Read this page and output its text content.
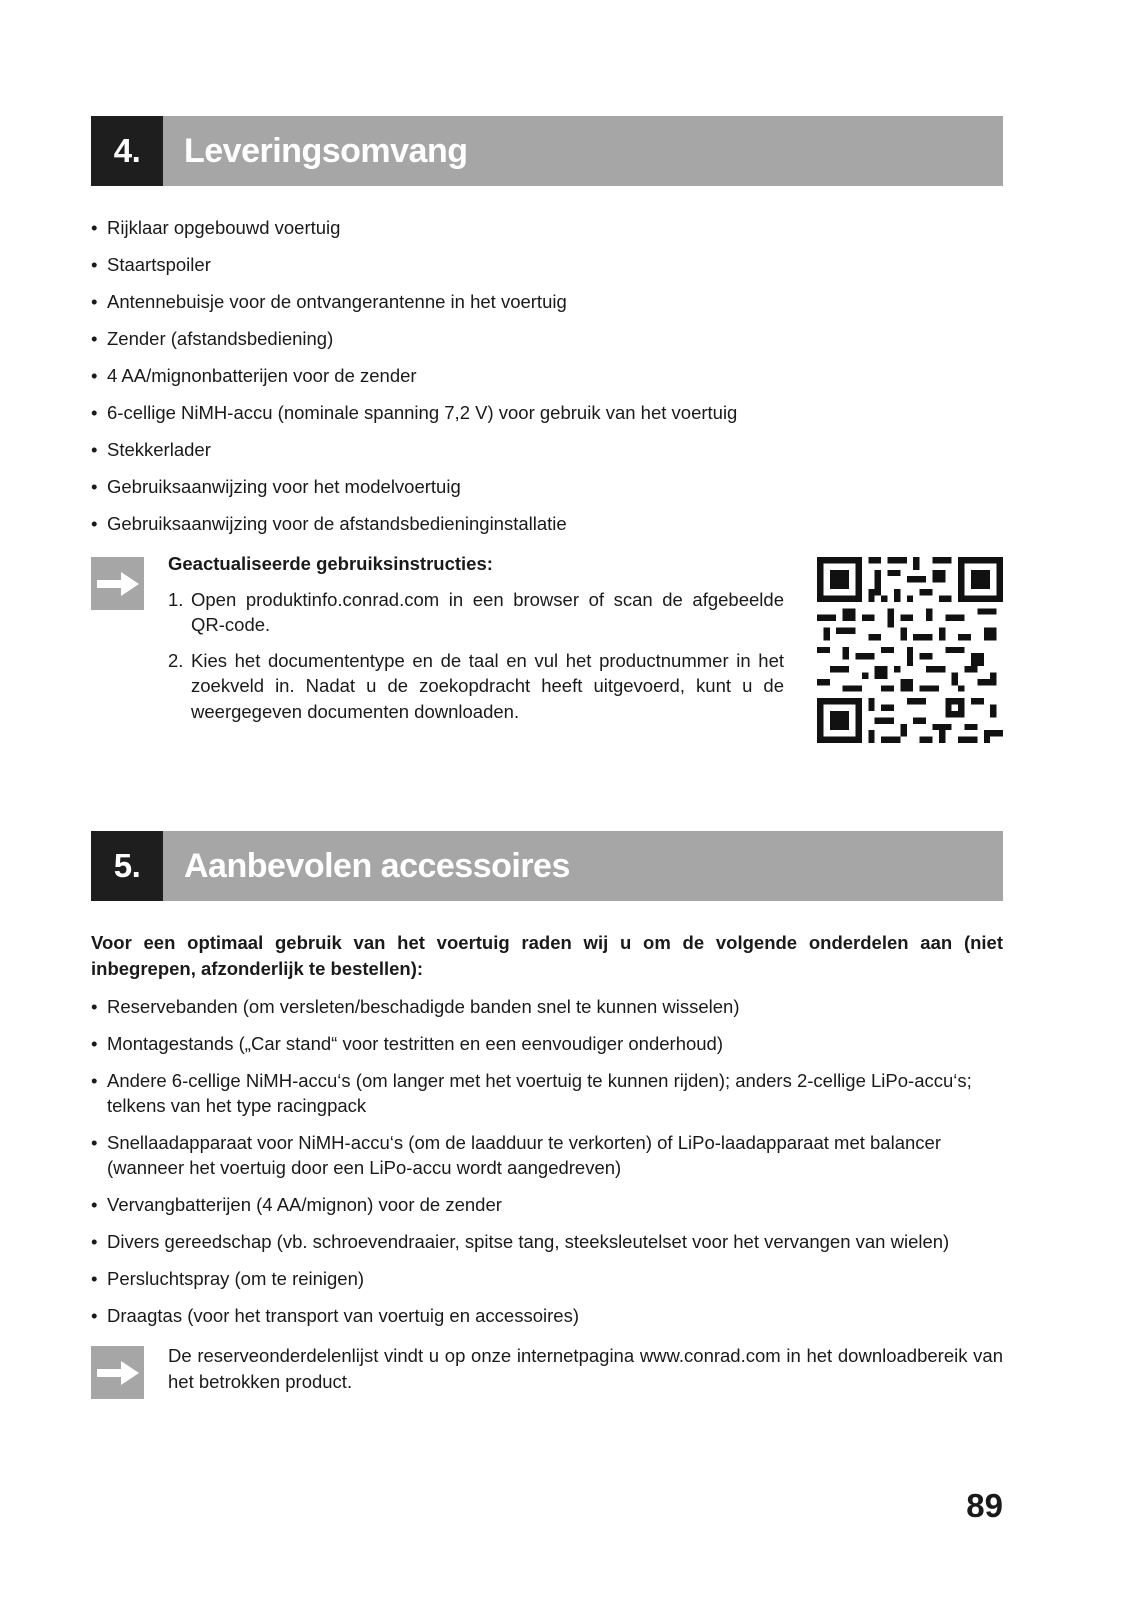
4.	Leveringsomvang
• Rijklaar opgebouwd voertuig
• Staartspoiler
• Antennebuisje voor de ontvangerantenne in het voertuig
• Zender (afstandsbediening)
• 4 AA/mignonbatterijen voor de zender
• 6-cellige NiMH-accu (nominale spanning 7,2 V) voor gebruik van het voertuig
• Stekkerlader
• Gebruiksaanwijzing voor het modelvoertuig
• Gebruiksaanwijzing voor de afstandsbedieninginstallatie
Geactualiseerde gebruiksinstructies:
1. Open produktinfo.conrad.com in een browser of scan de afgebeelde QR-code.
2. Kies het documententype en de taal en vul het productnummer in het zoekveld in. Nadat u de zoekopdracht heeft uitgevoerd, kunt u de weergegeven documenten downloaden.
5.	Aanbevolen accessoires
Voor een optimaal gebruik van het voertuig raden wij u om de volgende onderdelen aan (niet inbegrepen, afzonderlijk te bestellen):
• Reservebanden (om versleten/beschadigde banden snel te kunnen wisselen)
• Montagestands („Car stand“ voor testritten en een eenvoudiger onderhoud)
• Andere 6-cellige NiMH-accu‘s (om langer met het voertuig te kunnen rijden); anders 2-cellige LiPo-accu‘s; telkens van het type racingpack
• Snellaadapparaat voor NiMH-accu‘s (om de laadduur te verkorten) of LiPo-laadapparaat met balancer (wanneer het voertuig door een LiPo-accu wordt aangedreven)
• Vervangbatterijen (4 AA/mignon) voor de zender
• Divers gereedschap (vb. schroevendraaier, spitse tang, steeksleutelset voor het vervangen van wielen)
• Persluchtspray (om te reinigen)
• Draagtas (voor het transport van voertuig en accessoires)
De reserveonderdelenlijst vindt u op onze internetpagina www.conrad.com in het downloadbereik van het betrokken product.
89
